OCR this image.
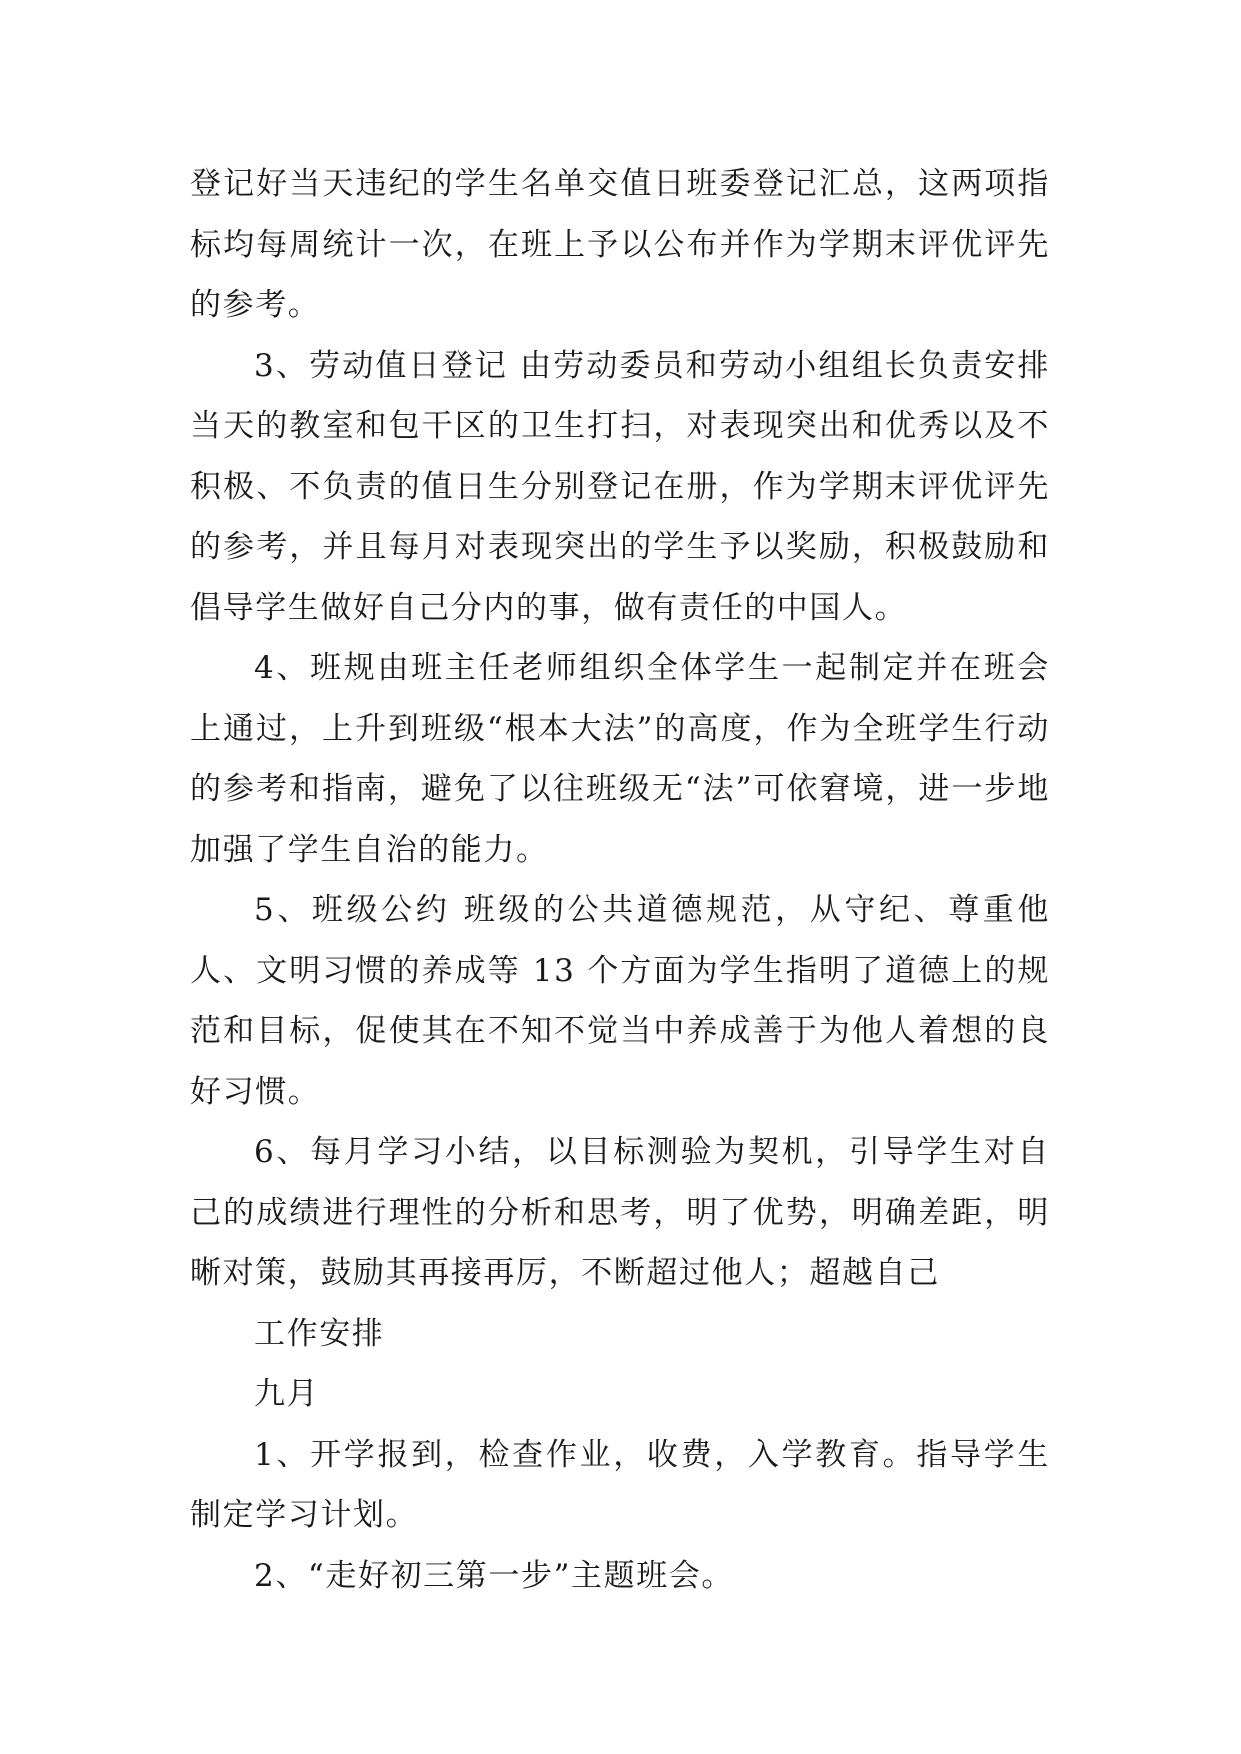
登记好当天违纪的学生名单交值日班委登记汇总，这两项指标均每周统计一次，在班上予以公布并作为学期末评优评先的参考。

3、劳动值日登记 由劳动委员和劳动小组组长负责安排当天的教室和包干区的卫生打扫，对表现突出和优秀以及不积极、不负责的值日生分别登记在册，作为学期末评优评先的参考，并且每月对表现突出的学生予以奖励，积极鼓励和倡导学生做好自己分内的事，做有责任的中国人。

4、班规由班主任老师组织全体学生一起制定并在班会上通过，上升到班级“根本大法”的高度，作为全班学生行动的参考和指南，避免了以往班级无“法”可依窘境，进一步地加强了学生自治的能力。

5、班级公约 班级的公共道德规范，从守纪、尊重他人、文明习惯的养成等 13 个方面为学生指明了道德上的规范和目标，促使其在不知不觉当中养成善于为他人着想的良好习惯。

6、每月学习小结，以目标测验为契机，引导学生对自己的成绩进行理性的分析和思考，明了优势，明确差距，明晰对策，鼓励其再接再厉，不断超过他人；超越自己

工作安排

九月

1、开学报到，检查作业，收费，入学教育。指导学生制定学习计划。

2、“走好初三第一步”主题班会。
